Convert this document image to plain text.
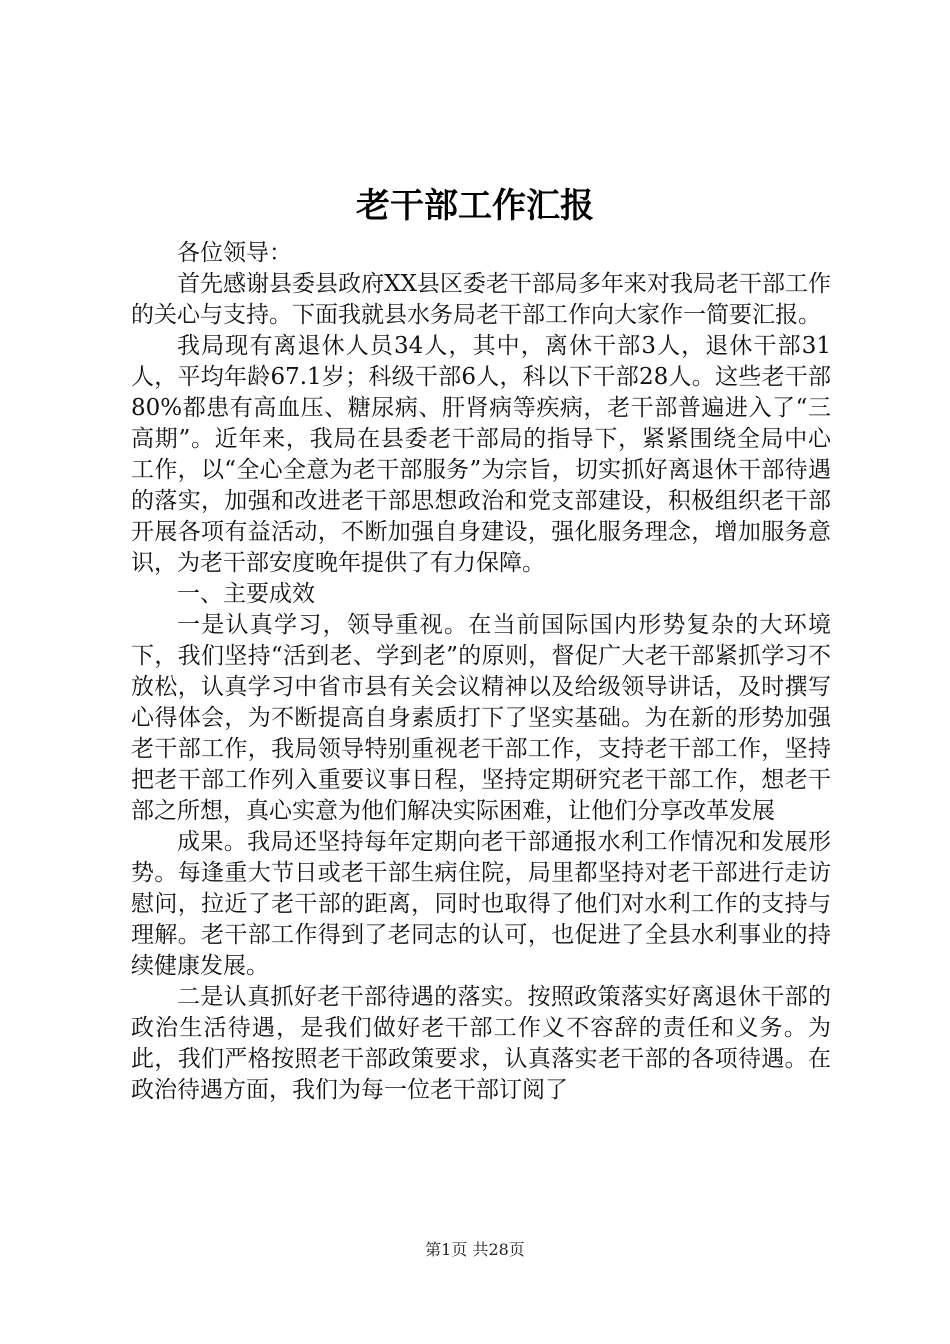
老干部工作汇报

各位领导：

首先感谢县委县政府XX县区委老干部局多年来对我局老干部工作的关心与支持。下面我就县水务局老干部工作向大家作一简要汇报。

我局现有离退休人员34人，其中，离休干部3人，退休干部31人，平均年龄67.1岁；科级干部6人，科以下干部28人。这些老干部80%都患有高血压、糖尿病、肝肾病等疾病，老干部普遍进入了“三高期”。近年来，我局在县委老干部局的指导下，紧紧围绕全局中心工作，以“全心全意为老干部服务”为宗旨，切实抓好离退休干部待遇的落实，加强和改进老干部思想政治和党支部建设，积极组织老干部开展各项有益活动，不断加强自身建设，强化服务理念，增加服务意识，为老干部安度晚年提供了有力保障。

一、主要成效

一是认真学习，领导重视。在当前国际国内形势复杂的大环境下，我们坚持“活到老、学到老”的原则，督促广大老干部紧抓学习不放松，认真学习中省市县有关会议精神以及给级领导讲话，及时撰写心得体会，为不断提高自身素质打下了坚实基础。为在新的形势加强老干部工作，我局领导特别重视老干部工作，支持老干部工作，坚持把老干部工作列入重要议事日程，坚持定期研究老干部工作，想老干部之所想，真心实意为他们解决实际困难，让他们分享改革发展

成果。我局还坚持每年定期向老干部通报水利工作情况和发展形势。每逢重大节日或老干部生病住院，局里都坚持对老干部进行走访慰问，拉近了老干部的距离，同时也取得了他们对水利工作的支持与理解。老干部工作得到了老同志的认可，也促进了全县水利事业的持续健康发展。

二是认真抓好老干部待遇的落实。按照政策落实好离退休干部的政治生活待遇，是我们做好老干部工作义不容辞的责任和义务。为此，我们严格按照老干部政策要求，认真落实老干部的各项待遇。在政治待遇方面，我们为每一位老干部订阅了

第1页 共28页
